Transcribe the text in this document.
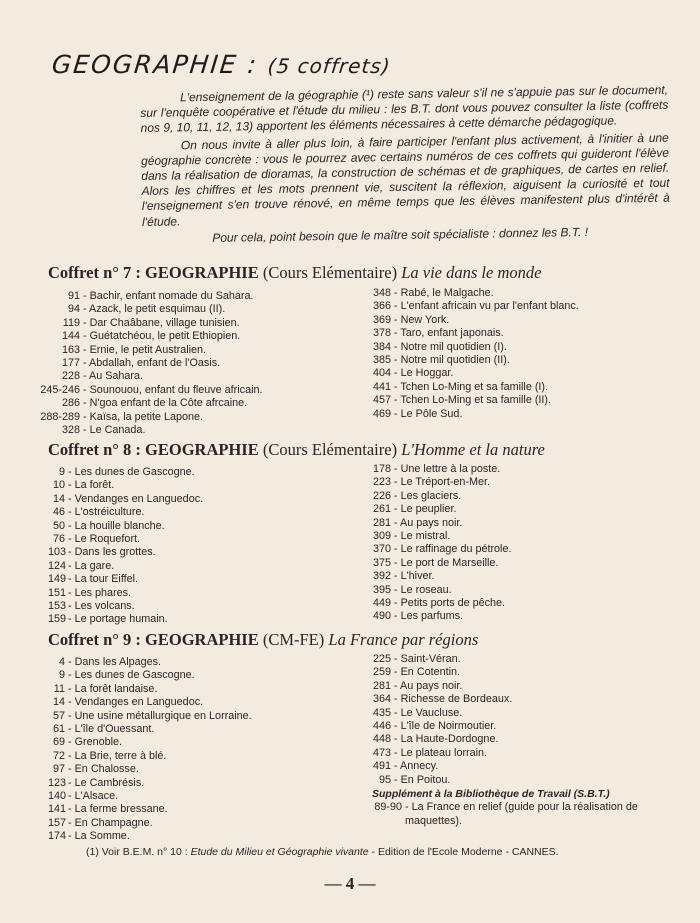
GEOGRAPHIE : (5 coffrets)

L'enseignement de la géographie (¹) reste sans valeur s'il ne s'appuie pas sur le document, sur l'enquête coopérative et l'étude du milieu : les B.T. dont vous pouvez consulter la liste (coffrets nos 9, 10, 11, 12, 13) apportent les éléments nécessaires à cette démarche pédagogique.

On nous invite à aller plus loin, à faire participer l'enfant plus activement, à l'initier à une géographie concrète : vous le pourrez avec certains numéros de ces coffrets qui guideront l'élève dans la réalisation de dioramas, la construction de schémas et de graphiques, de cartes en relief. Alors les chiffres et les mots prennent vie, suscitent la réflexion, aiguisent la curiosité et tout l'enseignement s'en trouve rénové, en même temps que les élèves manifestent plus d'intérêt à l'étude.

Pour cela, point besoin que le maître soit spécialiste : donnez les B.T. !

Coffret n° 7 : GEOGRAPHIE (Cours Elémentaire) La vie dans le monde
91 - Bachir, enfant nomade du Sahara.
94 - Azack, le petit esquimau (II).
119 - Dar Chaâbane, village tunisien.
144 - Guétatchéou, le petit Ethiopien.
163 - Ernie, le petit Australien.
177 - Abdallah, enfant de l'Oasis.
228 - Au Sahara.
245-246 - Sounouou, enfant du fleuve africain.
286 - N'goa enfant de la Côte afrcaine.
288-289 - Kaïsa, la petite Lapone.
328 - Le Canada.
348 - Rabé, le Malgache.
366 - L'enfant africain vu par l'enfant blanc.
369 - New York.
378 - Taro, enfant japonais.
384 - Notre mil quotidien (I).
385 - Notre mil quotidien (II).
404 - Le Hoggar.
441 - Tchen Lo-Ming et sa famille (I).
457 - Tchen Lo-Ming et sa famille (II).
469 - Le Pôle Sud.
Coffret n° 8 : GEOGRAPHIE (Cours Elémentaire) L'Homme et la nature
9 - Les dunes de Gascogne.
10 - La forêt.
14 - Vendanges en Languedoc.
46 - L'ostréiculture.
50 - La houille blanche.
76 - Le Roquefort.
103 - Dans les grottes.
124 - La gare.
149 - La tour Eiffel.
151 - Les phares.
153 - Les volcans.
159 - Le portage humain.
178 - Une lettre à la poste.
223 - Le Tréport-en-Mer.
226 - Les glaciers.
261 - Le peuplier.
281 - Au pays noir.
309 - Le mistral.
370 - Le raffinage du pétrole.
375 - Le port de Marseille.
392 - L'hiver.
395 - Le roseau.
449 - Petits ports de pêche.
490 - Les parfums.
Coffret n° 9 : GEOGRAPHIE (CM-FE) La France par régions
4 - Dans les Alpages.
9 - Les dunes de Gascogne.
11 - La forêt landaise.
14 - Vendanges en Languedoc.
57 - Une usine métallurgique en Lorraine.
61 - L'île d'Ouessant.
69 - Grenoble.
72 - La Brie, terre à blé.
97 - En Chalosse.
123 - Le Cambrésis.
140 - L'Alsace.
141 - La ferme bressane.
157 - En Champagne.
174 - La Somme.
225 - Saint-Véran.
259 - En Cotentin.
281 - Au pays noir.
364 - Richesse de Bordeaux.
435 - Le Vaucluse.
446 - L'île de Noirmoutier.
448 - La Haute-Dordogne.
473 - Le plateau lorrain.
491 - Annecy.
95 - En Poitou.
Supplément à la Bibliothèque de Travail (S.B.T.)
89-90 - La France en relief (guide pour la réalisation de maquettes).
(1) Voir B.E.M. n° 10 : Etude du Milieu et Géographie vivante - Edition de l'Ecole Moderne - CANNES.
— 4 —
